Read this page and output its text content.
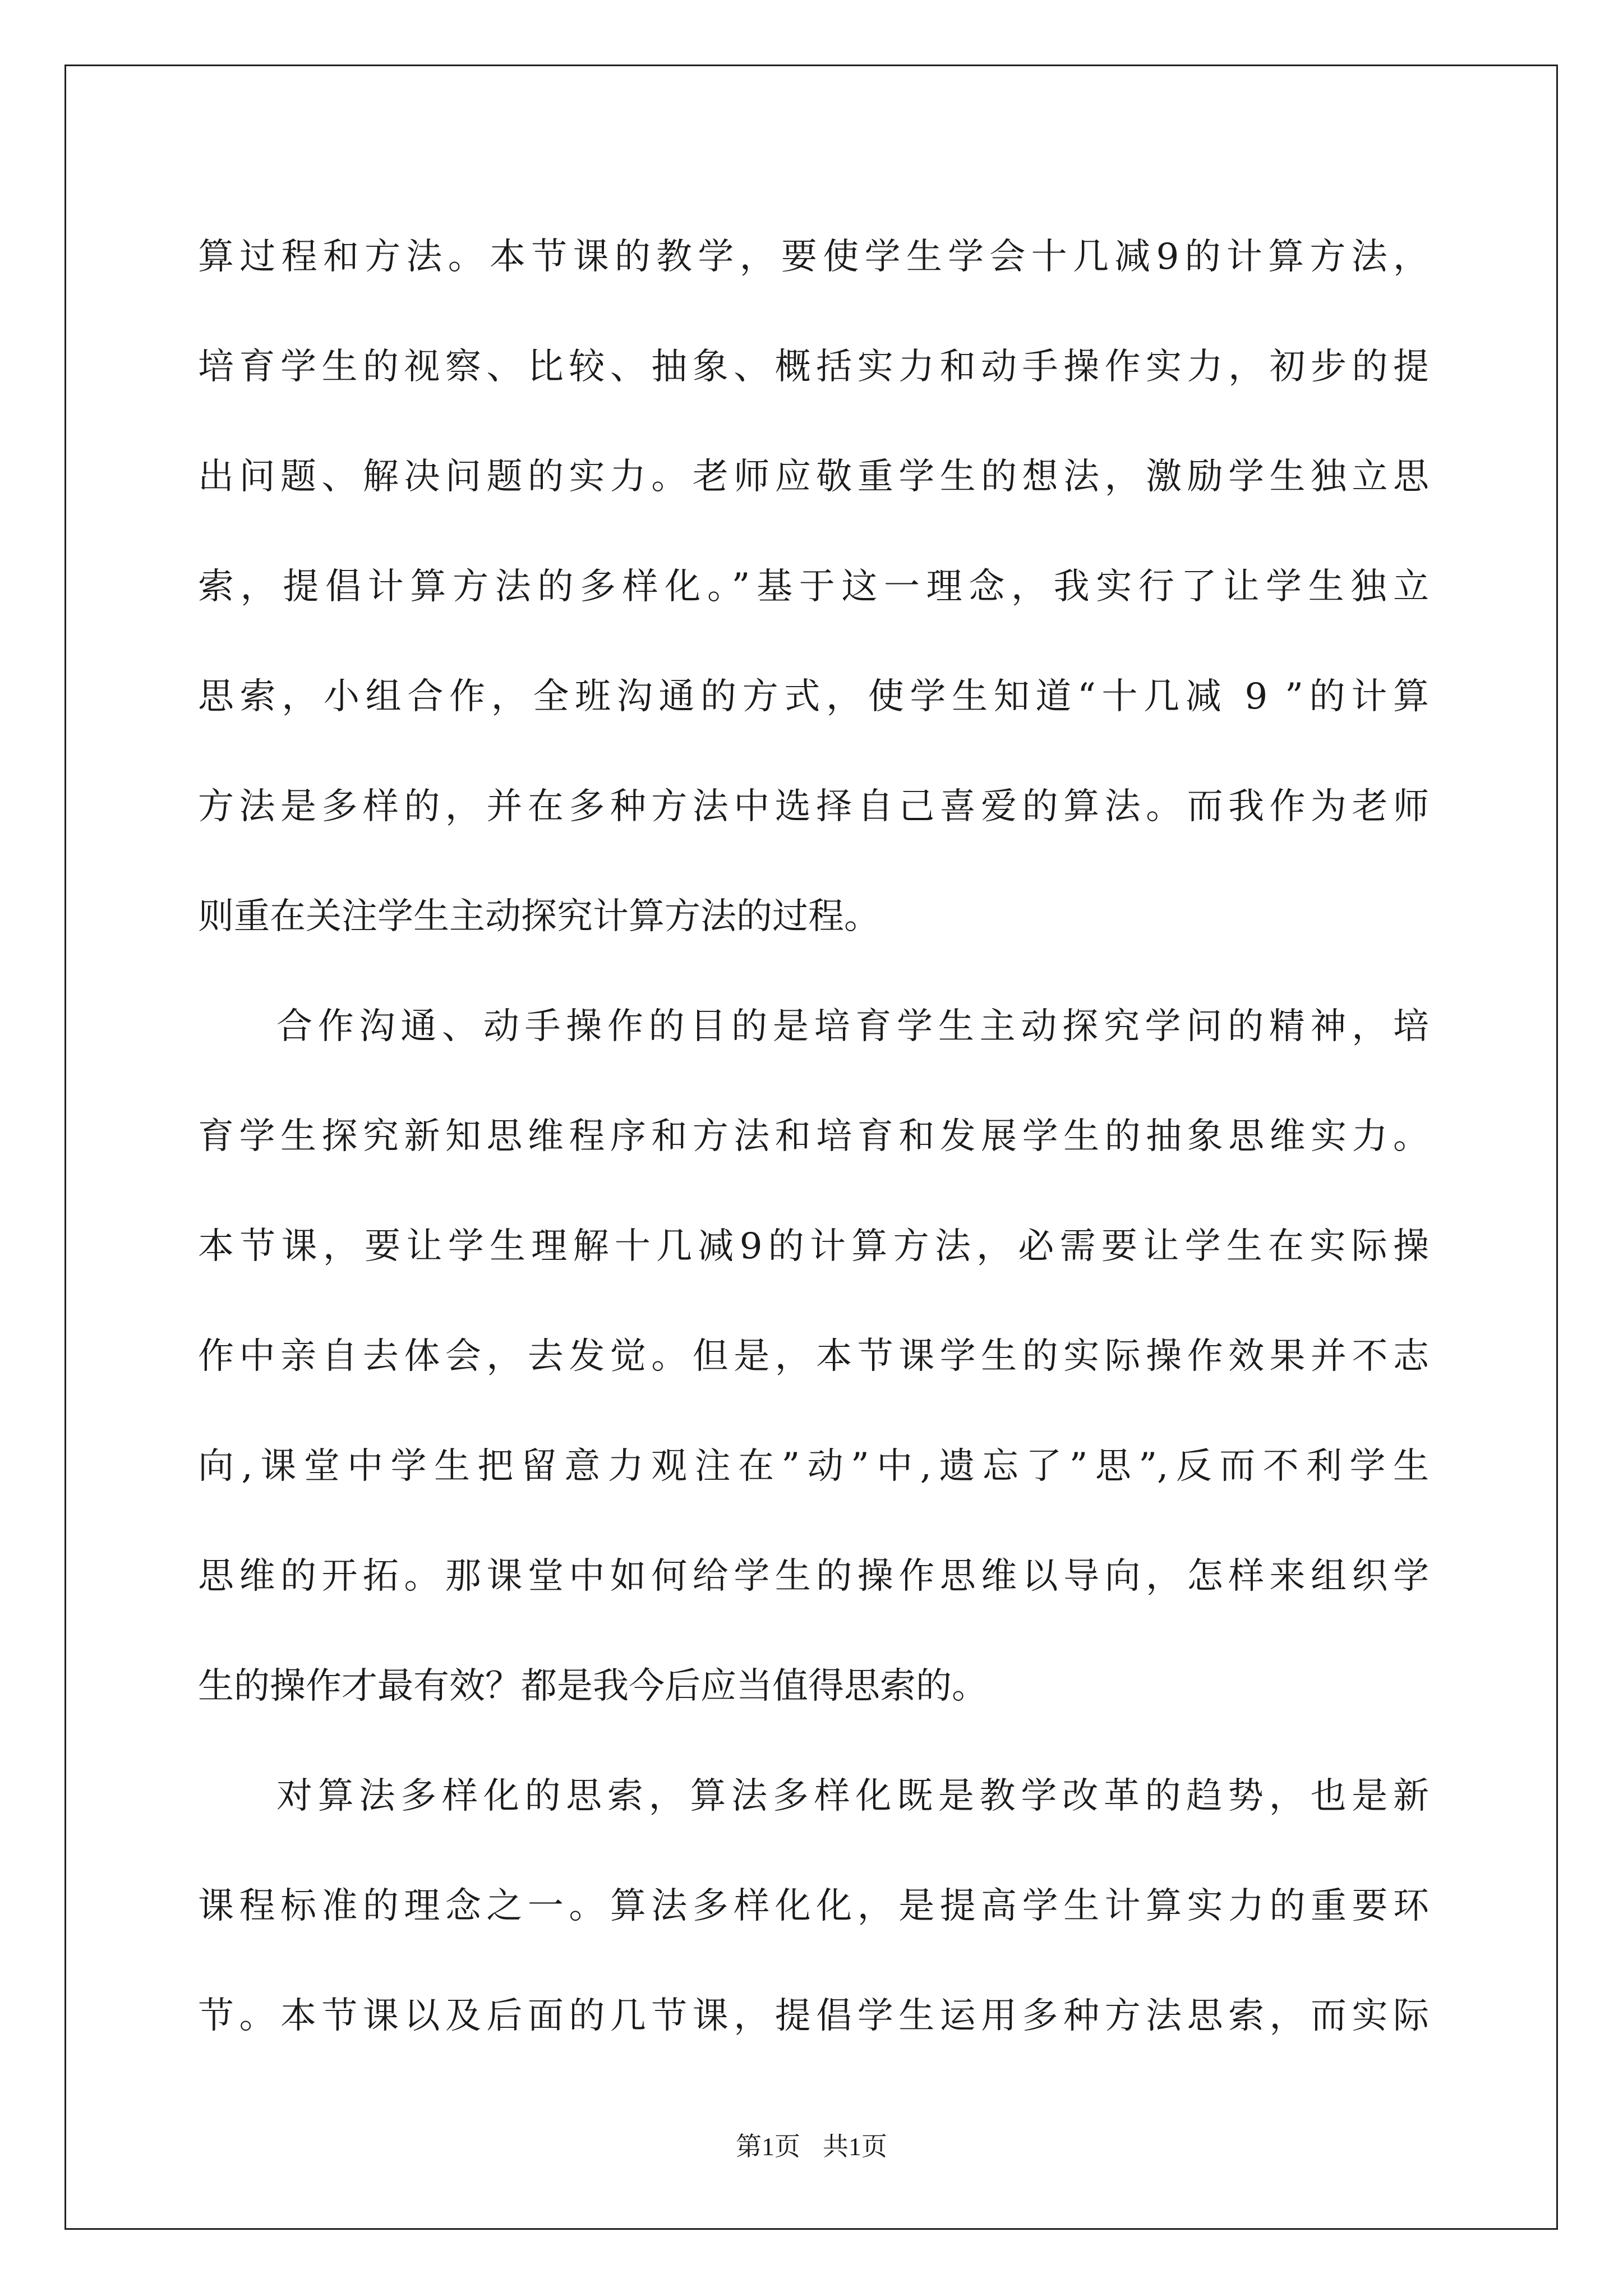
算过程和方法。本节课的教学，要使学生学会十几减9的计算方法，
培育学生的视察、比较、抽象、概括实力和动手操作实力，初步的提
出问题、解决问题的实力。老师应敬重学生的想法，激励学生独立思
索，提倡计算方法的多样化。”基于这一理念，我实行了让学生独立
思索，小组合作，全班沟通的方式，使学生知道“十几减 9 ”的计算
方法是多样的，并在多种方法中选择自己喜爱的算法。而我作为老师
则重在关注学生主动探究计算方法的过程。
合作沟通、动手操作的目的是培育学生主动探究学问的精神，培
育学生探究新知思维程序和方法和培育和发展学生的抽象思维实力。
本节课，要让学生理解十几减9的计算方法，必需要让学生在实际操
作中亲自去体会，去发觉。但是，本节课学生的实际操作效果并不志
向,课堂中学生把留意力观注在”动”中,遗忘了”思”,反而不利学生
思维的开拓。那课堂中如何给学生的操作思维以导向，怎样来组织学
生的操作才最有效？都是我今后应当值得思索的。
对算法多样化的思索，算法多样化既是教学改革的趋势，也是新
课程标准的理念之一。算法多样化化，是提高学生计算实力的重要环
节。本节课以及后面的几节课，提倡学生运用多种方法思索，而实际
第1页 共1页
